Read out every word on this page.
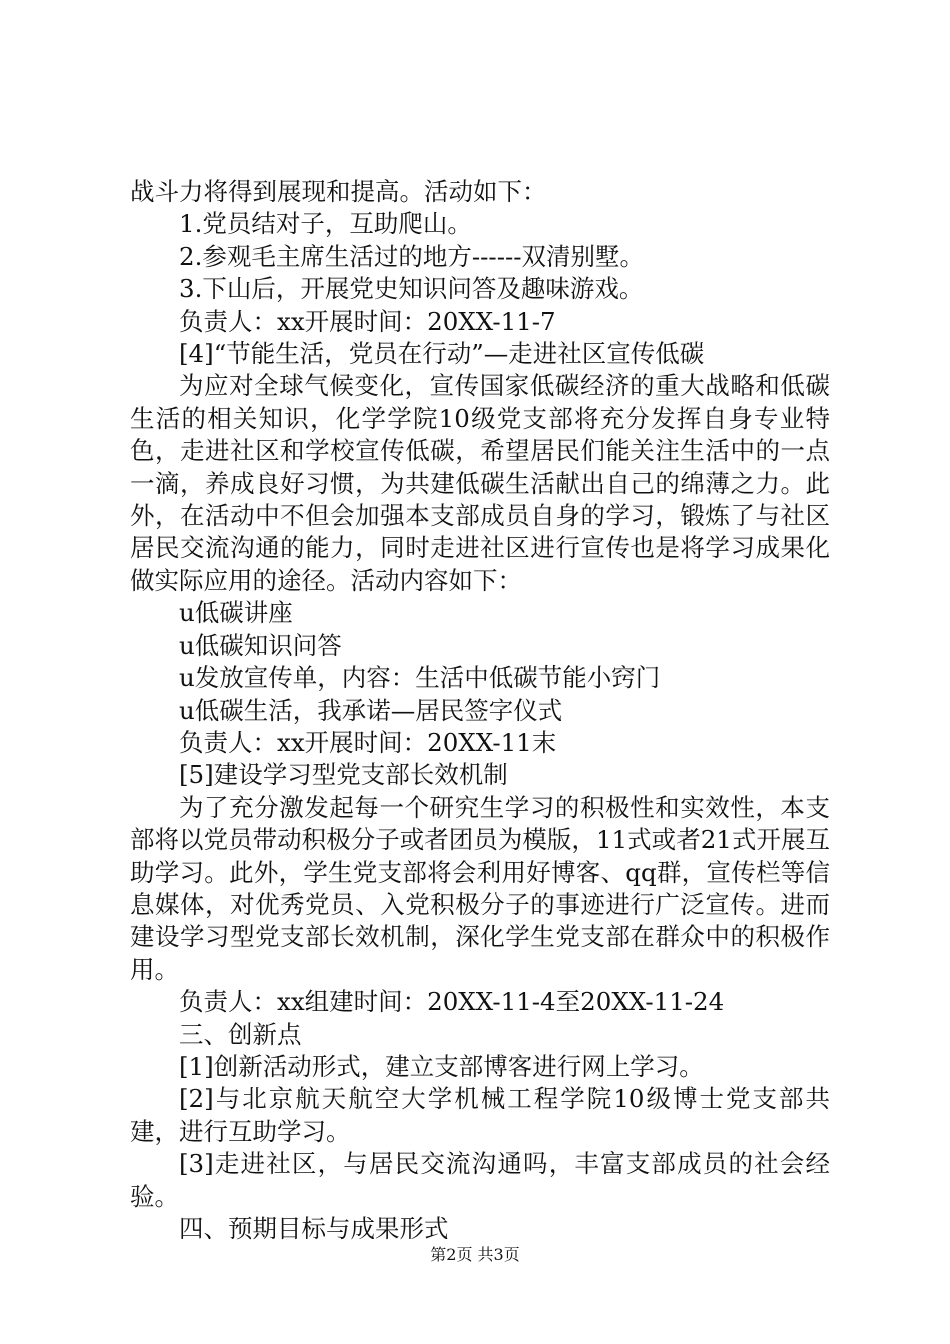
战斗力将得到展现和提高。活动如下：

1.党员结对子，互助爬山。

2.参观毛主席生活过的地方------双清别墅。

3.下山后，开展党史知识问答及趣味游戏。

负责人：xx开展时间：20XX-11-7

[4]“节能生活，党员在行动”—走进社区宣传低碳

为应对全球气候变化，宣传国家低碳经济的重大战略和低碳生活的相关知识，化学学院10级党支部将充分发挥自身专业特色，走进社区和学校宣传低碳，希望居民们能关注生活中的一点一滴，养成良好习惯，为共建低碳生活献出自己的绵薄之力。此外，在活动中不但会加强本支部成员自身的学习，锻炼了与社区居民交流沟通的能力，同时走进社区进行宣传也是将学习成果化做实际应用的途径。活动内容如下：

u低碳讲座

u低碳知识问答

u发放宣传单，内容：生活中低碳节能小窍门

u低碳生活，我承诺—居民签字仪式

负责人：xx开展时间：20XX-11末

[5]建设学习型党支部长效机制

为了充分激发起每一个研究生学习的积极性和实效性，本支部将以党员带动积极分子或者团员为模版，11式或者21式开展互助学习。此外，学生党支部将会利用好博客、qq群，宣传栏等信息媒体，对优秀党员、入党积极分子的事迹进行广泛宣传。进而建设学习型党支部长效机制，深化学生党支部在群众中的积极作用。

负责人：xx组建时间：20XX-11-4至20XX-11-24

三、创新点

[1]创新活动形式，建立支部博客进行网上学习。

[2]与北京航天航空大学机械工程学院10级博士党支部共建，进行互助学习。

[3]走进社区，与居民交流沟通吗，丰富支部成员的社会经验。

四、预期目标与成果形式

第2页 共3页
